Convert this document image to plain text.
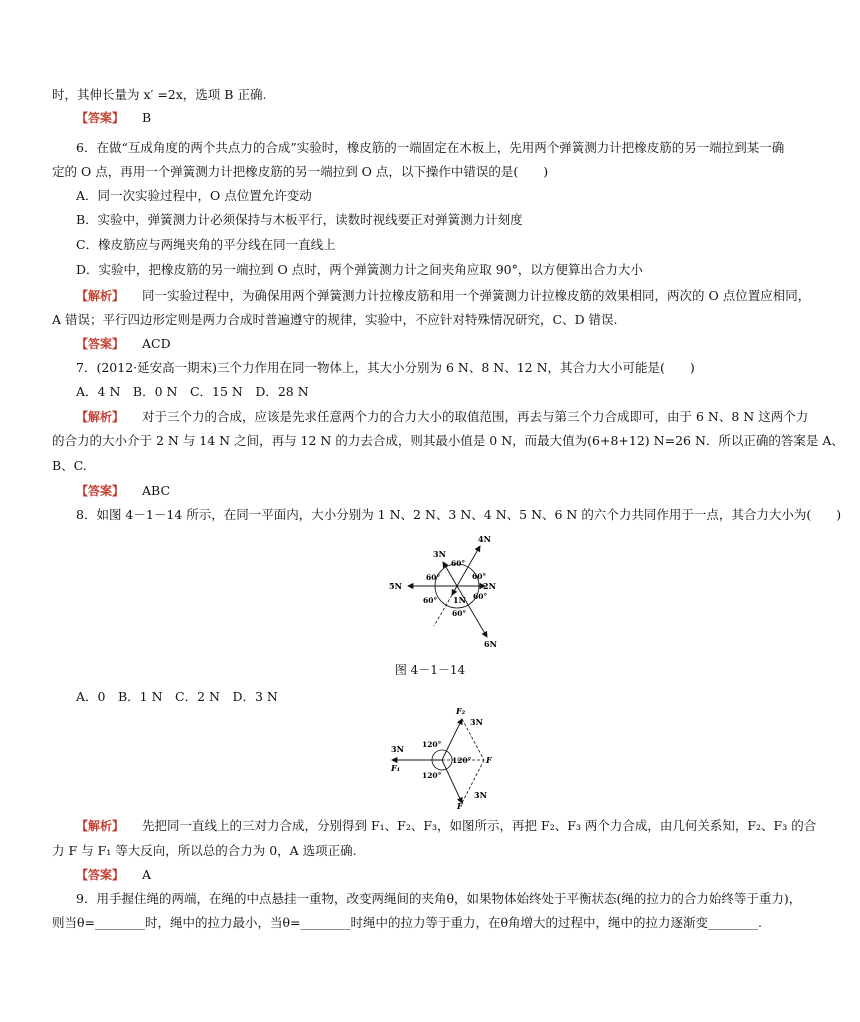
时，其伸长量为 x′ =2x，选项 B 正确.
【答案】 B
6．在做“互成角度的两个共点力的合成”实验时，橡皮筋的一端固定在木板上，先用两个弹簧测力计把橡皮筋的另一端拉到某一确
定的 O 点，再用一个弹簧测力计把橡皮筋的另一端拉到 O 点，以下操作中错误的是(　　)
A．同一次实验过程中，O 点位置允许变动
B．实验中，弹簧测力计必须保持与木板平行，读数时视线要正对弹簧测力计刻度
C．橡皮筋应与两绳夹角的平分线在同一直线上
D．实验中，把橡皮筋的另一端拉到 O 点时，两个弹簧测力计之间夹角应取 90°，以方便算出合力大小
【解析】 同一实验过程中，为确保用两个弹簧测力计拉橡皮筋和用一个弹簧测力计拉橡皮筋的效果相同，两次的 O 点位置应相同，
A 错误；平行四边形定则是两力合成时普遍遵守的规律，实验中，不应针对特殊情况研究，C、D 错误.
【答案】 ACD
7．(2012·延安高一期末)三个力作用在同一物体上，其大小分别为 6 N、8 N、12 N，其合力大小可能是(　　)
A．4 N　B．0 N　C．15 N　D．28 N
【解析】 对于三个力的合成，应该是先求任意两个力的合力大小的取值范围，再去与第三个力合成即可，由于 6 N、8 N 这两个力
的合力的大小介于 2 N 与 14 N 之间，再与 12 N 的力去合成，则其最小值是 0 N，而最大值为(6+8+12) N=26 N．所以正确的答案是 A、
B、C.
【答案】 ABC
8．如图 4－1－14 所示，在同一平面内，大小分别为 1 N、2 N、3 N、4 N、5 N、6 N 的六个力共同作用于一点，其合力大小为(　　)
4N
3N
2N
5N
1N
6N
60°
60°	60°
60°	60°
60°
图 4－1－14
A．0　B．1 N　C．2 N　D．3 N
F₂
3N
3N
F₁
F
3N
F
120°
120°
120°
【解析】 先把同一直线上的三对力合成，分别得到 F₁、F₂、F₃，如图所示，再把 F₂、F₃ 两个力合成，由几何关系知，F₂、F₃ 的合
力 F 与 F₁ 等大反向，所以总的合力为 0，A 选项正确.
【答案】 A
9．用手握住绳的两端，在绳的中点悬挂一重物，改变两绳间的夹角θ，如果物体始终处于平衡状态(绳的拉力的合力始终等于重力)，
则当θ=________时，绳中的拉力最小，当θ=________时绳中的拉力等于重力，在θ角增大的过程中，绳中的拉力逐渐变________.
